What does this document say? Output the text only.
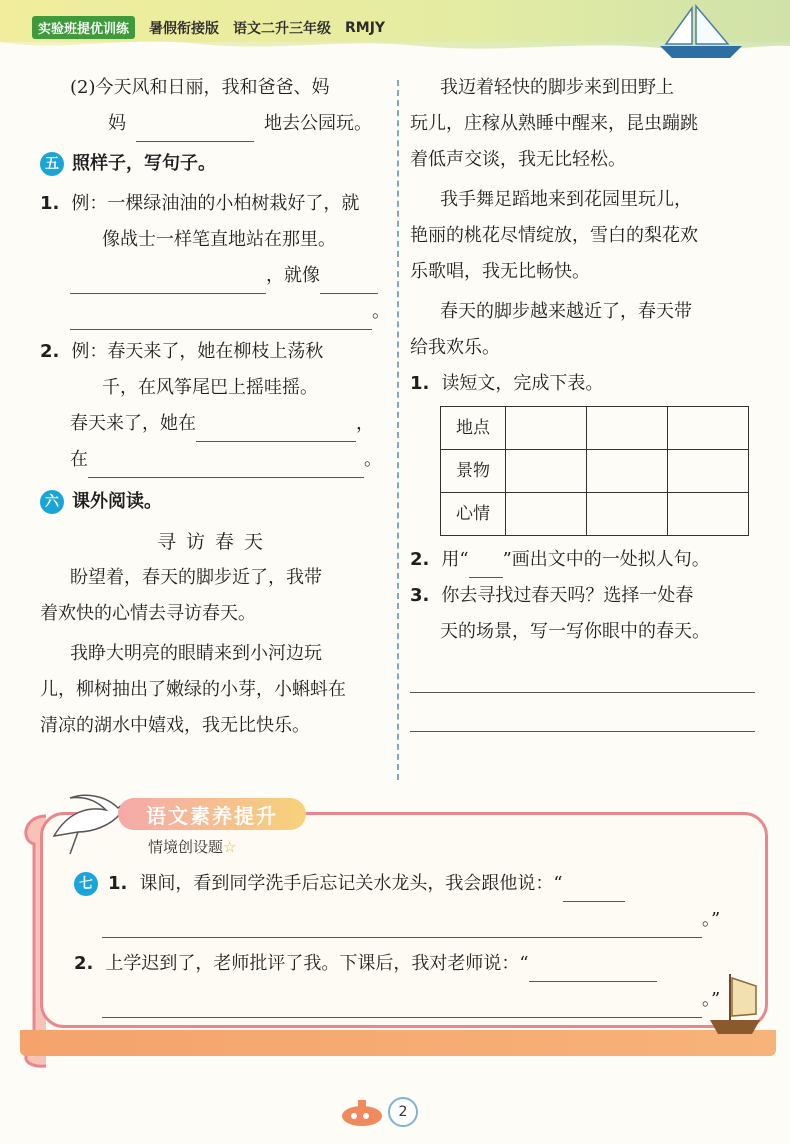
实验班提优训练	暑假衔接版 语文二升三年级 RMJY

(2)今天风和日丽，我和爸爸、妈

妈	地去公园玩。

五 照样子，写句子。

1. 例：一棵绿油油的小柏树栽好了，就

像战士一样笔直地站在那里。

，就像

。

2. 例：春天来了，她在柳枝上荡秋

千，在风筝尾巴上摇哇摇。

春天来了，她在	，

在	。

六 课外阅读。

寻访春天

盼望着，春天的脚步近了，我带

着欢快的心情去寻访春天。

我睁大明亮的眼睛来到小河边玩

儿，柳树抽出了嫩绿的小芽，小蝌蚪在

清凉的湖水中嬉戏，我无比快乐。

我迈着轻快的脚步来到田野上

玩儿，庄稼从熟睡中醒来，昆虫蹦跳

着低声交谈，我无比轻松。

我手舞足蹈地来到花园里玩儿，

艳丽的桃花尽情绽放，雪白的梨花欢

乐歌唱，我无比畅快。

春天的脚步越来越近了，春天带

给我欢乐。

1. 读短文，完成下表。

地点			
景物			
心情			

2. 用“ ”画出文中的一处拟人句。

3. 你去寻找过春天吗？选择一处春

天的场景，写一写你眼中的春天。

语文素养提升
情境创设题☆

七 1. 课间，看到同学洗手后忘记关水龙头，我会跟他说：“

。”

2. 上学迟到了，老师批评了我。下课后，我对老师说：“

。”

2
